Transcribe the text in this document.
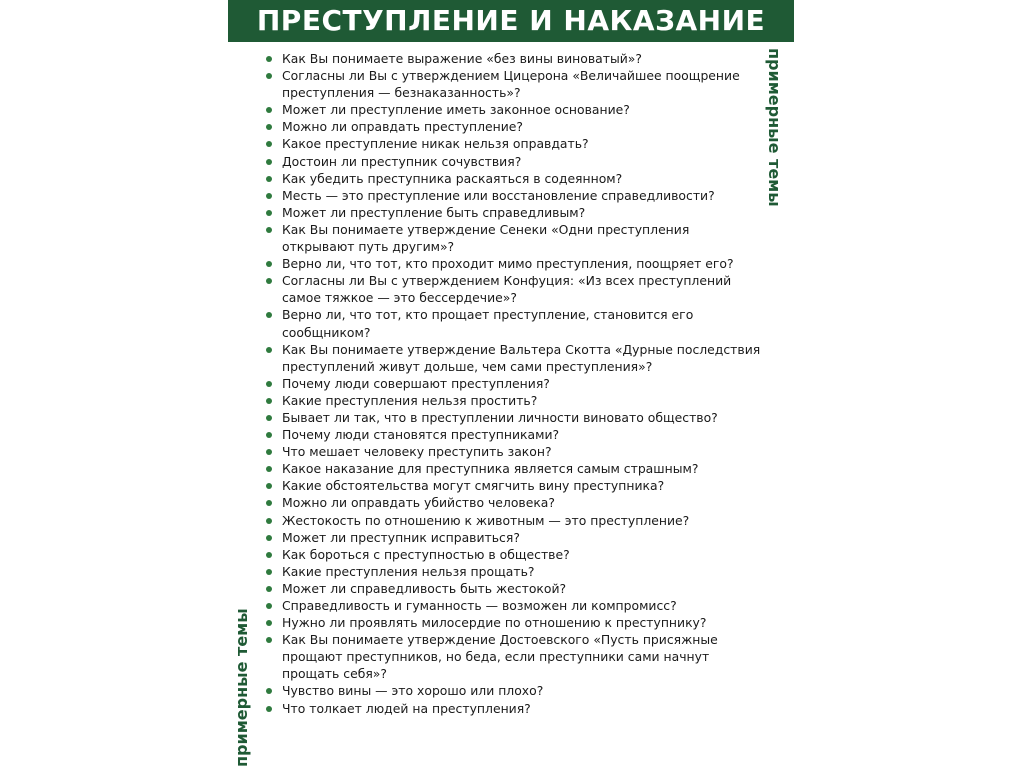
ПРЕСТУПЛЕНИЕ И НАКАЗАНИЕ
примерные темы
примерные темы
Как Вы понимаете выражение «без вины виноватый»?
Согласны ли Вы с утверждением Цицерона «Величайшее поощрение преступления — безнаказанность»?
Может ли преступление иметь законное основание?
Можно ли оправдать преступление?
Какое преступление никак нельзя оправдать?
Достоин ли преступник сочувствия?
Как убедить преступника раскаяться в содеянном?
Месть — это преступление или восстановление справедливости?
Может ли преступление быть справедливым?
Как Вы понимаете утверждение Сенеки «Одни преступления открывают путь другим»?
Верно ли, что тот, кто проходит мимо преступления, поощряет его?
Согласны ли Вы с утверждением Конфуция: «Из всех преступлений самое тяжкое — это бессердечие»?
Верно ли, что тот, кто прощает преступление, становится его сообщником?
Как Вы понимаете утверждение Вальтера Скотта «Дурные последствия преступлений живут дольше, чем сами преступления»?
Почему люди совершают преступления?
Какие преступления нельзя простить?
Бывает ли так, что в преступлении личности виновато общество?
Почему люди становятся преступниками?
Что мешает человеку преступить закон?
Какое наказание для преступника является самым страшным?
Какие обстоятельства могут смягчить вину преступника?
Можно ли оправдать убийство человека?
Жестокость по отношению к животным — это преступление?
Может ли преступник исправиться?
Как бороться с преступностью в обществе?
Какие преступления нельзя прощать?
Может ли справедливость быть жестокой?
Справедливость и гуманность — возможен ли компромисс?
Нужно ли проявлять милосердие по отношению к преступнику?
Как Вы понимаете утверждение Достоевского «Пусть присяжные прощают преступников, но беда, если преступники сами начнут прощать себя»?
Чувство вины — это хорошо или плохо?
Что толкает людей на преступления?
